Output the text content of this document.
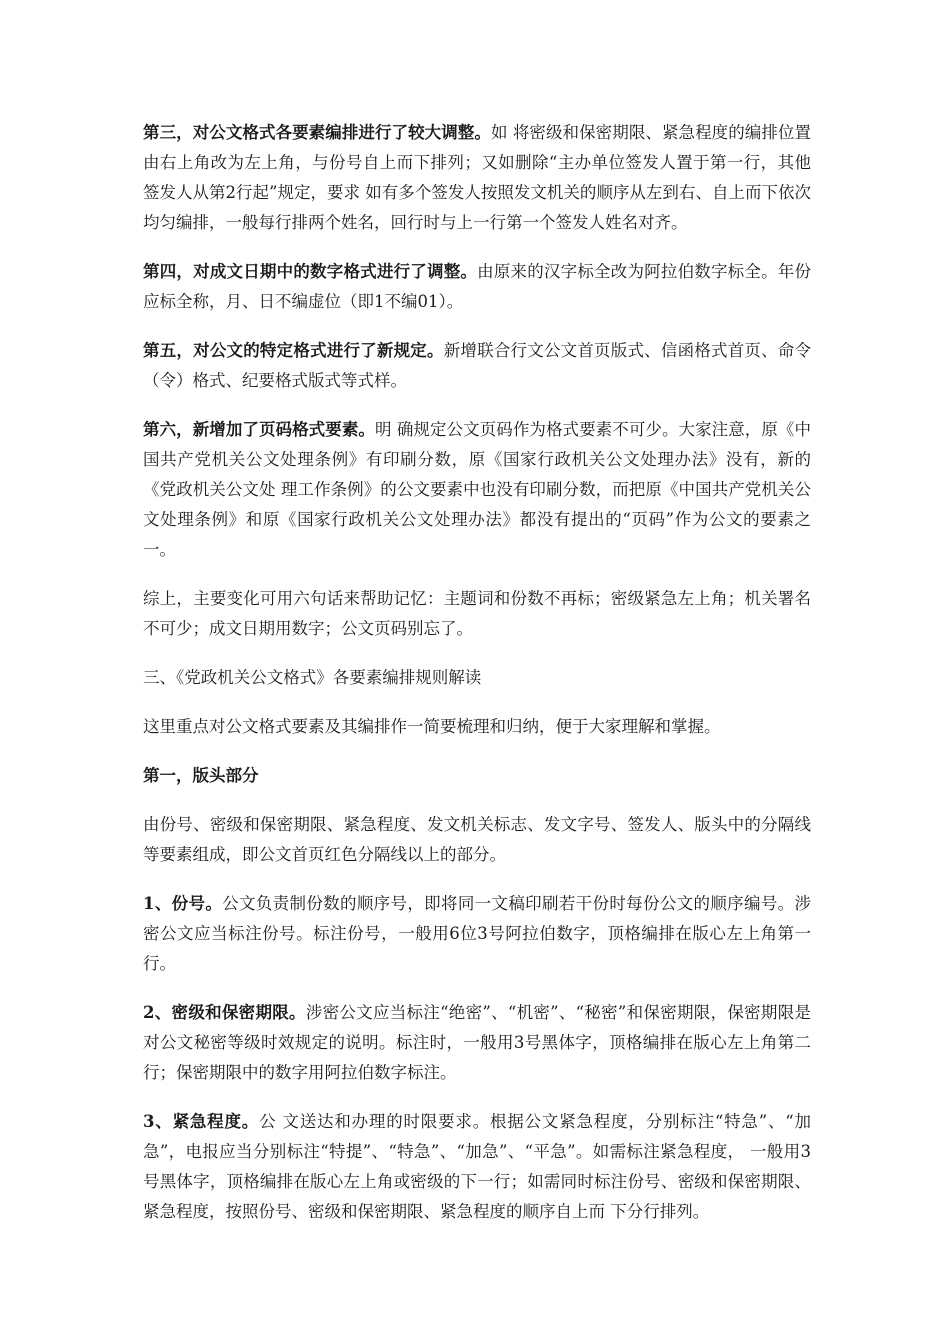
第三，对公文格式各要素编排进行了较大调整。如 将密级和保密期限、紧急程度的编排位置由右上角改为左上角，与份号自上而下排列；又如删除“主办单位签发人置于第一行，其他签发人从第2行起”规定，要求 如有多个签发人按照发文机关的顺序从左到右、自上而下依次均匀编排，一般每行排两个姓名，回行时与上一行第一个签发人姓名对齐。

第四，对成文日期中的数字格式进行了调整。由原来的汉字标全改为阿拉伯数字标全。年份应标全称，月、日不编虚位（即1不编01）。

第五，对公文的特定格式进行了新规定。新增联合行文公文首页版式、信函格式首页、命令（令）格式、纪要格式版式等式样。

第六，新增加了页码格式要素。明 确规定公文页码作为格式要素不可少。大家注意，原《中国共产党机关公文处理条例》有印刷分数，原《国家行政机关公文处理办法》没有，新的《党政机关公文处 理工作条例》的公文要素中也没有印刷分数，而把原《中国共产党机关公文处理条例》和原《国家行政机关公文处理办法》都没有提出的“页码”作为公文的要素之 一。

综上，主要变化可用六句话来帮助记忆：主题词和份数不再标；密级紧急左上角；机关署名不可少；成文日期用数字；公文页码别忘了。

三、《党政机关公文格式》各要素编排规则解读

这里重点对公文格式要素及其编排作一简要梳理和归纳，便于大家理解和掌握。

第一，版头部分

由份号、密级和保密期限、紧急程度、发文机关标志、发文字号、签发人、版头中的分隔线等要素组成，即公文首页红色分隔线以上的部分。

1、份号。公文负责制份数的顺序号，即将同一文稿印刷若干份时每份公文的顺序编号。涉密公文应当标注份号。标注份号，一般用6位3号阿拉伯数字，顶格编排在版心左上角第一行。

2、密级和保密期限。涉密公文应当标注“绝密”、“机密”、“秘密”和保密期限，保密期限是对公文秘密等级时效规定的说明。标注时，一般用3号黑体字，顶格编排在版心左上角第二行；保密期限中的数字用阿拉伯数字标注。

3、紧急程度。公 文送达和办理的时限要求。根据公文紧急程度，分别标注“特急”、“加急”，电报应当分别标注“特提”、“特急”、“加急”、“平急”。如需标注紧急程度， 一般用3号黑体字，顶格编排在版心左上角或密级的下一行；如需同时标注份号、密级和保密期限、紧急程度，按照份号、密级和保密期限、紧急程度的顺序自上而 下分行排列。
